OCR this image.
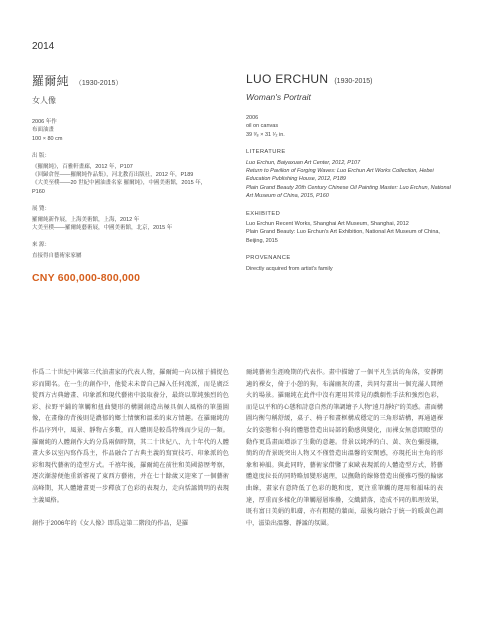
2014
羅爾純 （1930-2015）
女人像
2006 年作
布面油畫
100 × 80 cm
出 版：
《羅爾純》，百雅軒畫廊，2012 年，P107
《回歸倉徑——羅爾純作品集》，河北教育出版社，2012 年，P189
《大美至樸——20 世紀中國油畫名家 羅爾純》，中國美術館，2015 年，P160
展 覽：
羅爾純新作展，上海美術館，上海，2012 年
大美至樸——羅爾純藝術展，中國美術館，北京，2015 年
來 源：
直接得自藝術家家屬
LUO ERCHUN (1930-2015)
Woman's Portrait
2006
oil on canvas
39 ³⁄₈ × 31 ¹⁄₂ in.
LITERATURE
Luo Erchun, Baiyaxuan Art Center, 2012, P107
Return to Pavilion of Forging Waves: Luo Erchun Art Works Collection, Hebei Education Publishing House, 2012, P189
Plain Grand Beauty 20th Century Chinese Oil Painting Master: Luo Erchun, National Art Museum of China, 2015, P160
EXHIBITED
Luo Erchun Recent Works, Shanghai Art Museum, Shanghai, 2012
Plain Grand Beauty: Luo Erchun's Art Exhibition, National Art Museum of China, Beijing, 2015
PROVENANCE
Directly acquired from artist's family
CNY 600,000-800,000

作爲二十世紀中國第三代油畫家的代表人物，羅爾純一向以擅于捕捉色彩而聞名。在一生的創作中，他從未未曾自己歸入任何流派，而是廣泛從西方古典繪畫、印象派和現代藝術中汲取養分，最終以單純強烈的色彩、拉野平鋪的筆觸和扭曲變形的構圖創造出極具個人風格的筆墨圖像，在畫像的背後則是濃郁的鄉土情懷和溫柔的東方情趣。在羅爾純的作品序列中，風景、靜物占多數，而人體則是較爲特殊而少見的一類。羅爾純的人體創作大約分爲兩個時期，其二十世紀八、九十年代的人體畫大多以室內寫作爲主，作品融合了古典主義的寫實技巧、印象派的色彩和現代藝術的造型方式。千禧年後，羅爾純在前往和美國游歷考察，逐次漸游便他重新審視了東西方藝術，并在七十餘歲又迎來了一個藝術高峰期，其人體繪畫更一步釋放了色彩的表現力，走向恬謐簡明的表現主義風格。

創作于2006年的《女人像》即爲這第二階段的作品，是羅

爾純藝術生涯晚期的代表作。畫中描繪了一個平凡生活的角落，安靜閑適的裸女，倚于小憩的狗，布滿幽灰的畫，共同勾畫出一個充滿人間煙火的場景。羅爾純在此件中沒有運用其常見的戲劇性手法和強烈色彩，而是以平和的心態和詩意自然的筆調繪予人物“遠月靜好”的美感。畫面構圖均衡勻稱舒緩，桌子、椅子和畫框構成穩定的三角形結構，再通過裸女的姿態和小狗的體態營造出局部的動感與變化，而裸女無意間瞭望的動作更爲畫面增添了生動的意趣。背景以純淨的白、黃、灰色彌漫襯，簡約的背景既突出人物又不僅營造出溫馨的安閑感，亦現托出主角的形象和神韻。與此同時，藝術家借鑒了東歐表現派的人體造型方式，將藝體進度拉長的同時略加變形處理，以撫動的線條營造出優雅巧慢的輪廓曲線，畫家有意降低了色彩的飽和度，更注重筆觸的運用和韻味的表達，厚重而多樣化的筆觸層層堆疊，交織錯落，造成不同的肌理效果，既有富日美娟的肌膚，亦有粗糙的牆面，最後均融合于統一的暖黃色調中，滋染出溫馨、靜謐的氛圍。
